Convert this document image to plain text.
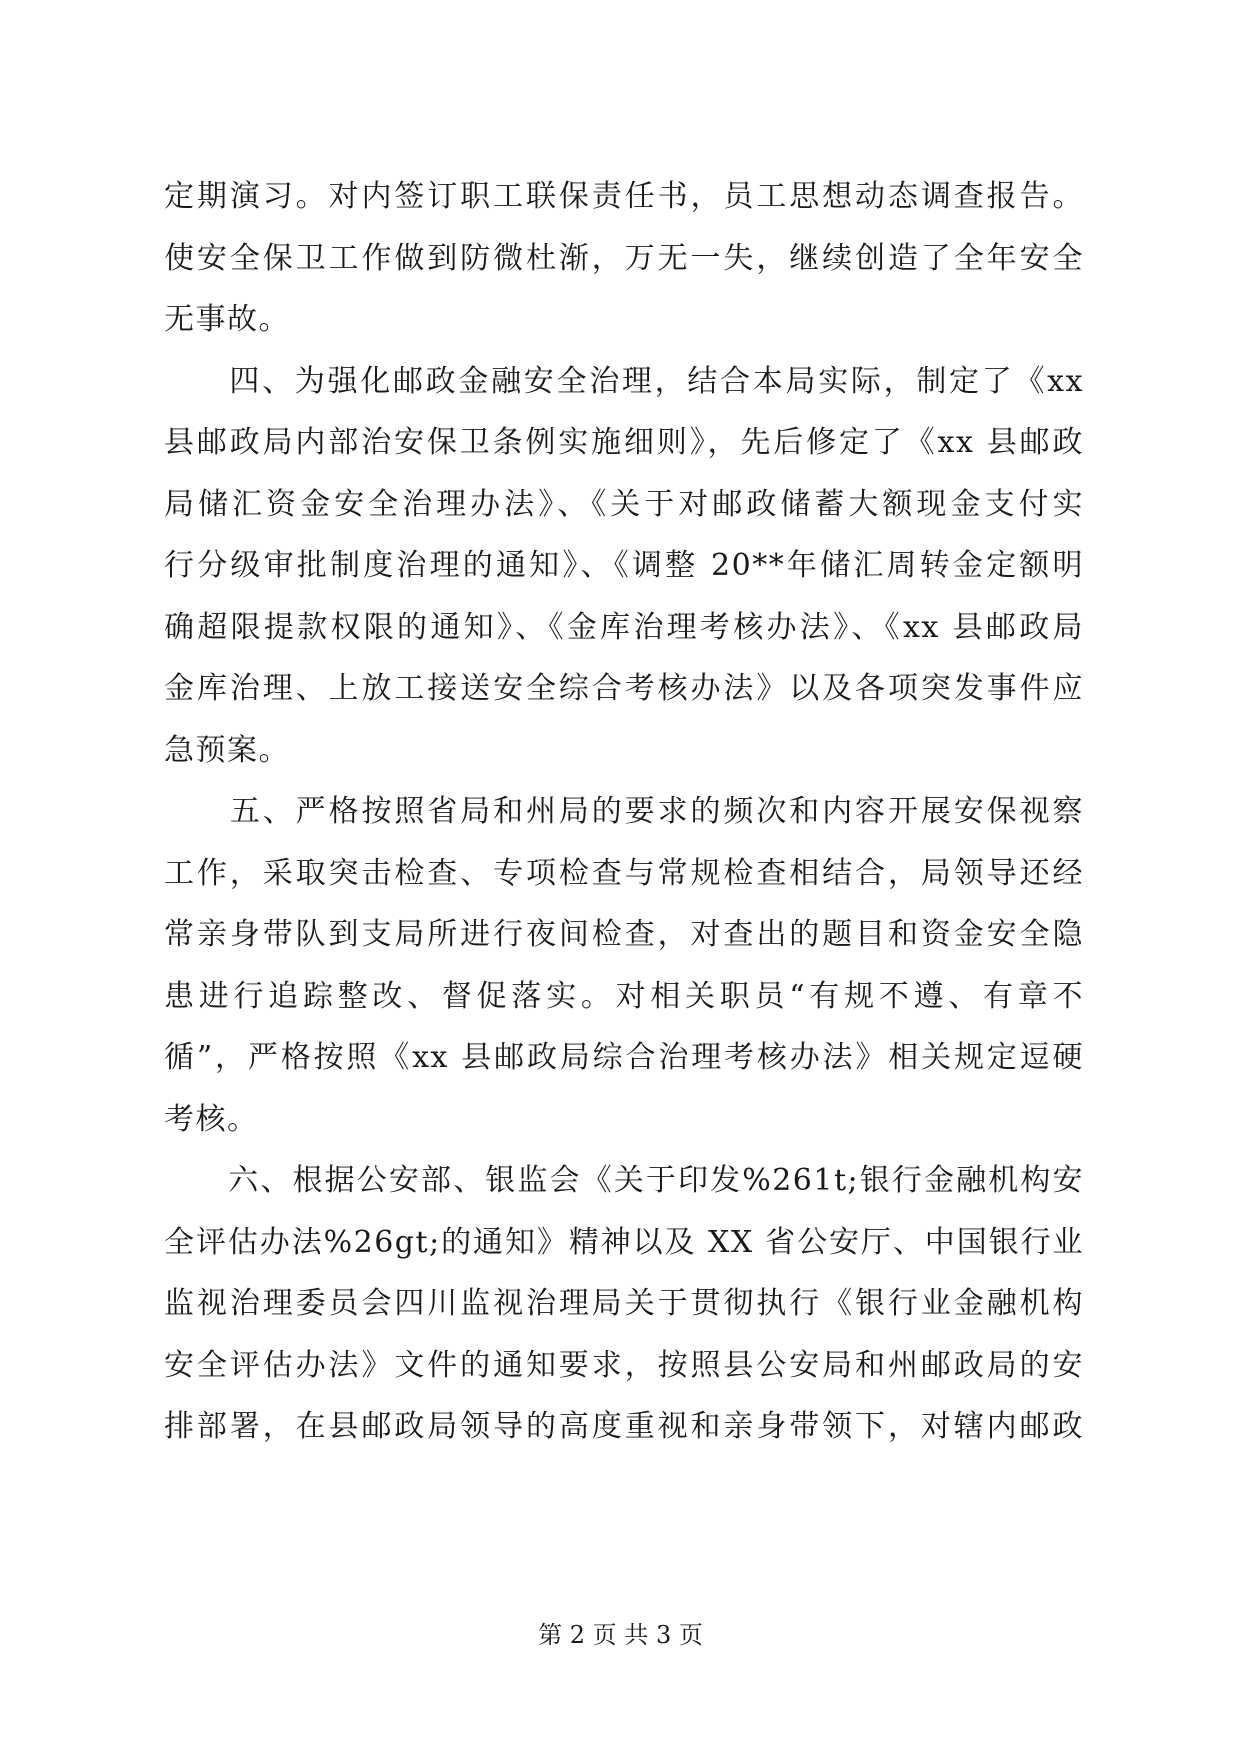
定期演习。对内签订职工联保责任书，员工思想动态调查报告。
使安全保卫工作做到防微杜渐，万无一失，继续创造了全年安全
无事故。
　　四、为强化邮政金融安全治理，结合本局实际，制定了《xx
县邮政局内部治安保卫条例实施细则》，先后修定了《xx 县邮政
局储汇资金安全治理办法》、《关于对邮政储蓄大额现金支付实
行分级审批制度治理的通知》、《调整 20**年储汇周转金定额明
确超限提款权限的通知》、《金库治理考核办法》、《xx 县邮政局
金库治理、上放工接送安全综合考核办法》以及各项突发事件应
急预案。
　　五、严格按照省局和州局的要求的频次和内容开展安保视察
工作，采取突击检查、专项检查与常规检查相结合，局领导还经
常亲身带队到支局所进行夜间检查，对查出的题目和资金安全隐
患进行追踪整改、督促落实。对相关职员“有规不遵、有章不
循”，严格按照《xx 县邮政局综合治理考核办法》相关规定逗硬
考核。
　　六、根据公安部、银监会《关于印发%261t;银行金融机构安
全评估办法%26gt;的通知》精神以及 XX 省公安厅、中国银行业
监视治理委员会四川监视治理局关于贯彻执行《银行业金融机构
安全评估办法》文件的通知要求，按照县公安局和州邮政局的安
排部署，在县邮政局领导的高度重视和亲身带领下，对辖内邮政
第 2 页 共 3 页
